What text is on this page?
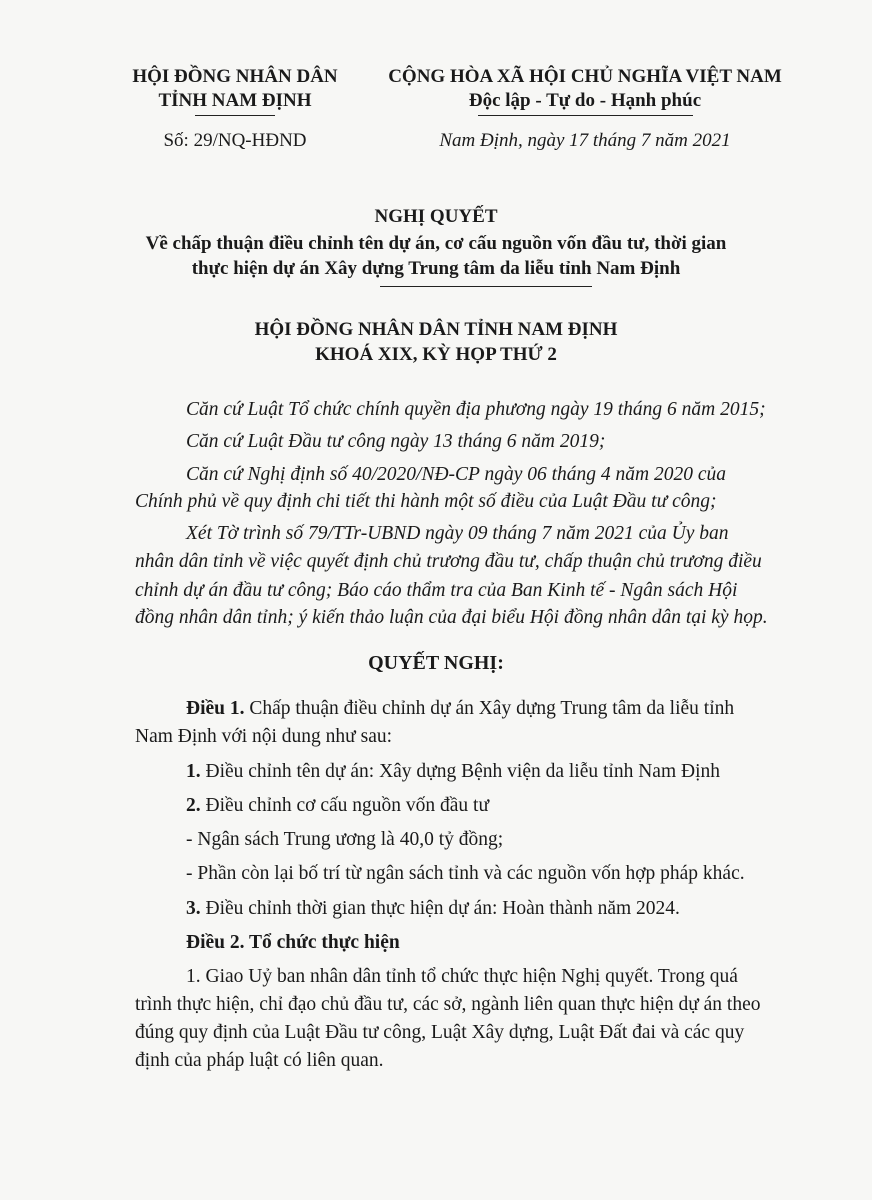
HỘI ĐỒNG NHÂN DÂN
TỈNH NAM ĐỊNH
Số: 29/NQ-HĐND
CỘNG HÒA XÃ HỘI CHỦ NGHĨA VIỆT NAM
Độc lập - Tự do - Hạnh phúc
Nam Định, ngày 17 tháng 7 năm 2021
NGHỊ QUYẾT
Về chấp thuận điều chỉnh tên dự án, cơ cấu nguồn vốn đầu tư, thời gian
thực hiện dự án Xây dựng Trung tâm da liễu tỉnh Nam Định
HỘI ĐỒNG NHÂN DÂN TỈNH NAM ĐỊNH
KHOÁ XIX, KỲ HỌP THỨ 2
Căn cứ Luật Tổ chức chính quyền địa phương ngày 19 tháng 6 năm 2015;
Căn cứ Luật Đầu tư công ngày 13 tháng 6 năm 2019;
Căn cứ Nghị định số 40/2020/NĐ-CP ngày 06 tháng 4 năm 2020 của
Chính phủ về quy định chi tiết thi hành một số điều của Luật Đầu tư công;
Xét Tờ trình số 79/TTr-UBND ngày 09 tháng 7 năm 2021 của Ủy ban
nhân dân tỉnh về việc quyết định chủ trương đầu tư, chấp thuận chủ trương điều
chỉnh dự án đầu tư công; Báo cáo thẩm tra của Ban Kinh tế - Ngân sách Hội
đồng nhân dân tỉnh; ý kiến thảo luận của đại biểu Hội đồng nhân dân tại kỳ họp.
QUYẾT NGHỊ:
Điều 1. Chấp thuận điều chỉnh dự án Xây dựng Trung tâm da liễu tỉnh
Nam Định với nội dung như sau:
1. Điều chỉnh tên dự án: Xây dựng Bệnh viện da liễu tỉnh Nam Định
2. Điều chỉnh cơ cấu nguồn vốn đầu tư
- Ngân sách Trung ương là 40,0 tỷ đồng;
- Phần còn lại bố trí từ ngân sách tỉnh và các nguồn vốn hợp pháp khác.
3. Điều chỉnh thời gian thực hiện dự án: Hoàn thành năm 2024.
Điều 2. Tổ chức thực hiện
1. Giao Uỷ ban nhân dân tỉnh tổ chức thực hiện Nghị quyết. Trong quá
trình thực hiện, chỉ đạo chủ đầu tư, các sở, ngành liên quan thực hiện dự án theo
đúng quy định của Luật Đầu tư công, Luật Xây dựng, Luật Đất đai và các quy
định của pháp luật có liên quan.
